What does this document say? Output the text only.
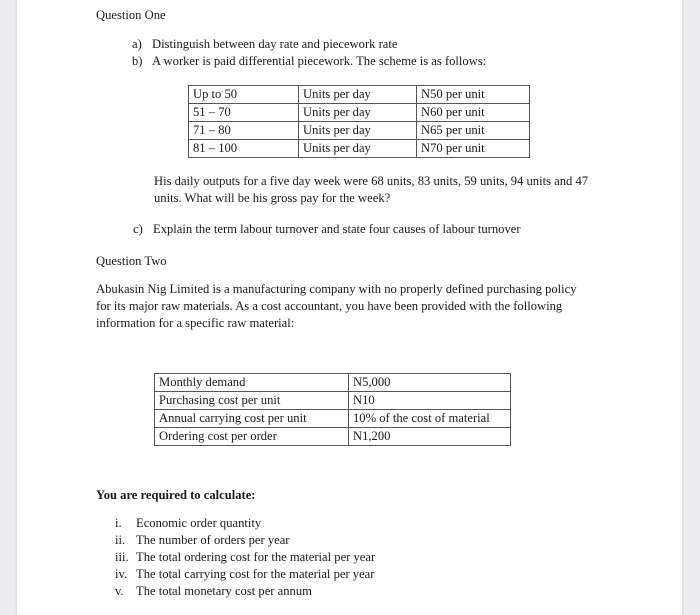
Question One
a) Distinguish between day rate and piecework rate
b) A worker is paid differential piecework. The scheme is as follows:
Up to 50	Units per day	N50 per unit
51 – 70	Units per day	N60 per unit
71 – 80	Units per day	N65 per unit
81 – 100	Units per day	N70 per unit
His daily outputs for a five day week were 68 units, 83 units, 59 units, 94 units and 47
units. What will be his gross pay for the week?
c) Explain the term labour turnover and state four causes of labour turnover
Question Two
Abukasin Nig Limited is a manufacturing company with no properly defined purchasing policy
for its major raw materials. As a cost accountant, you have been provided with the following
information for a specific raw material:
Monthly demand	N5,000
Purchasing cost per unit	N10
Annual carrying cost per unit	10% of the cost of material
Ordering cost per order	N1,200
You are required to calculate:
i. Economic order quantity
ii. The number of orders per year
iii. The total ordering cost for the material per year
iv. The total carrying cost for the material per year
v. The total monetary cost per annum
